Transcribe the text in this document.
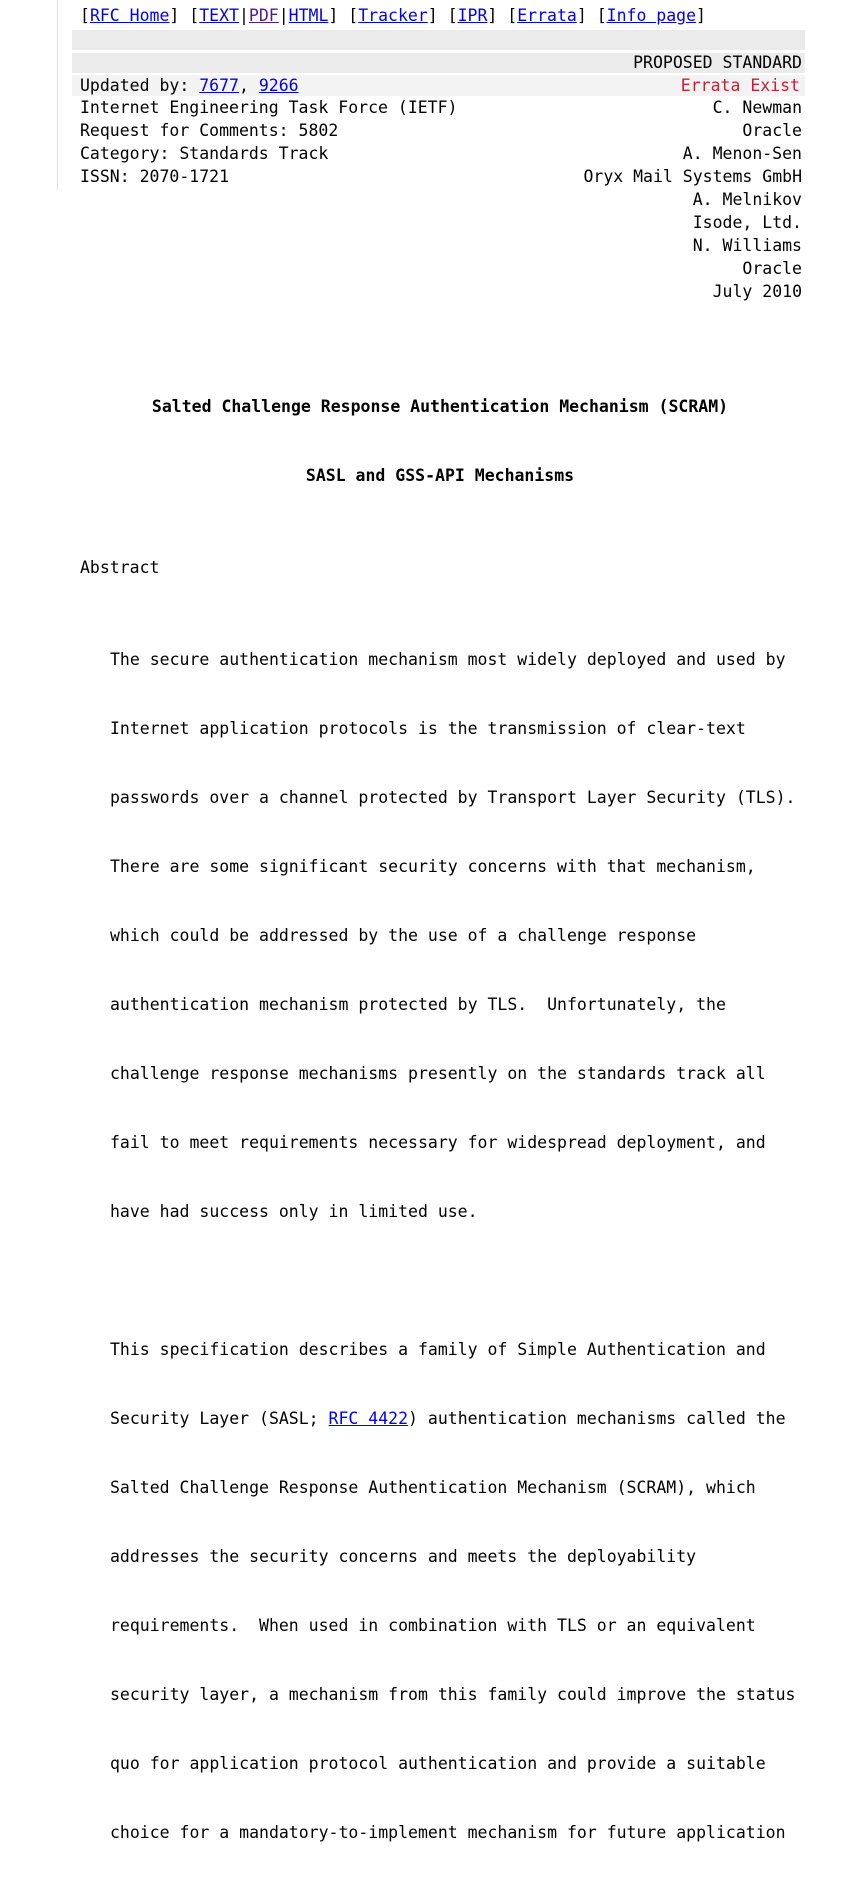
[RFC Home] [TEXT|PDF|HTML] [Tracker] [IPR] [Errata] [Info page]
PROPOSED STANDARD
Updated by: 7677, 9266	Errata Exist
Internet Engineering Task Force (IETF)	C. Newman
Request for Comments: 5802	Oracle
Category: Standards Track	A. Menon-Sen
ISSN: 2070-1721	Oryx Mail Systems GmbH
A. Melnikov
Isode, Ltd.
N. Williams
Oracle
July 2010

Salted Challenge Response Authentication Mechanism (SCRAM)

SASL and GSS-API Mechanisms

Abstract

The secure authentication mechanism most widely deployed and used by

Internet application protocols is the transmission of clear-text

passwords over a channel protected by Transport Layer Security (TLS).

There are some significant security concerns with that mechanism,

which could be addressed by the use of a challenge response

authentication mechanism protected by TLS.  Unfortunately, the

challenge response mechanisms presently on the standards track all

fail to meet requirements necessary for widespread deployment, and

have had success only in limited use.

This specification describes a family of Simple Authentication and

Security Layer (SASL; RFC 4422) authentication mechanisms called the

Salted Challenge Response Authentication Mechanism (SCRAM), which

addresses the security concerns and meets the deployability

requirements.  When used in combination with TLS or an equivalent

security layer, a mechanism from this family could improve the status

quo for application protocol authentication and provide a suitable

choice for a mandatory-to-implement mechanism for future application
